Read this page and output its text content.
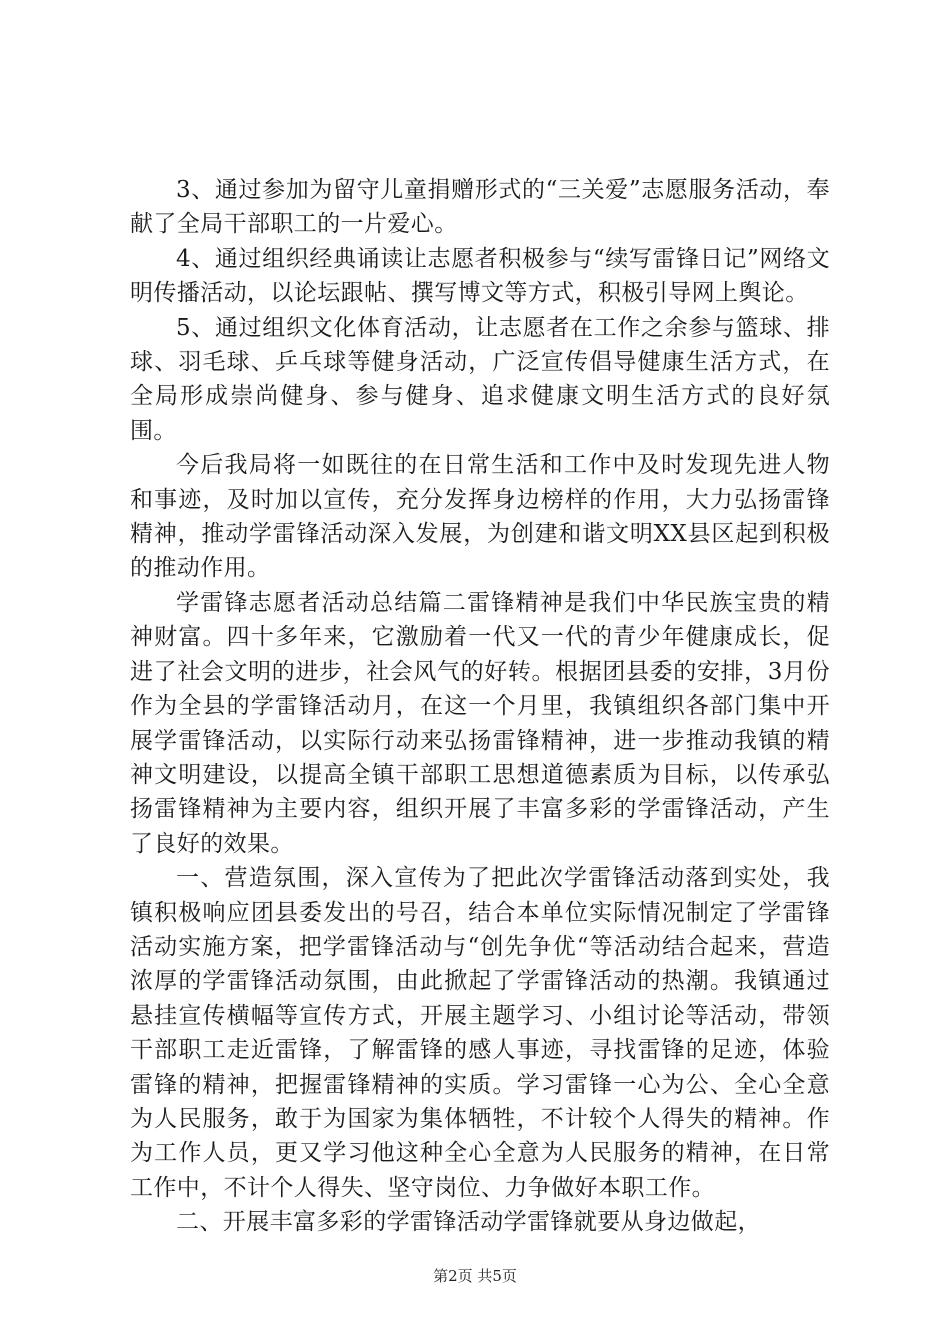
3、通过参加为留守儿童捐赠形式的“三关爱”志愿服务活动，奉献了全局干部职工的一片爱心。

4、通过组织经典诵读让志愿者积极参与“续写雷锋日记”网络文明传播活动，以论坛跟帖、撰写博文等方式，积极引导网上舆论。

5、通过组织文化体育活动，让志愿者在工作之余参与篮球、排球、羽毛球、乒乓球等健身活动，广泛宣传倡导健康生活方式，在全局形成崇尚健身、参与健身、追求健康文明生活方式的良好氛围。

今后我局将一如既往的在日常生活和工作中及时发现先进人物和事迹，及时加以宣传，充分发挥身边榜样的作用，大力弘扬雷锋精神，推动学雷锋活动深入发展，为创建和谐文明XX县区起到积极的推动作用。

学雷锋志愿者活动总结篇二雷锋精神是我们中华民族宝贵的精神财富。四十多年来，它激励着一代又一代的青少年健康成长，促进了社会文明的进步，社会风气的好转。根据团县委的安排，3月份作为全县的学雷锋活动月，在这一个月里，我镇组织各部门集中开展学雷锋活动，以实际行动来弘扬雷锋精神，进一步推动我镇的精神文明建设，以提高全镇干部职工思想道德素质为目标，以传承弘扬雷锋精神为主要内容，组织开展了丰富多彩的学雷锋活动，产生了良好的效果。

一、营造氛围，深入宣传为了把此次学雷锋活动落到实处，我镇积极响应团县委发出的号召，结合本单位实际情况制定了学雷锋活动实施方案，把学雷锋活动与“创先争优“等活动结合起来，营造浓厚的学雷锋活动氛围，由此掀起了学雷锋活动的热潮。我镇通过悬挂宣传横幅等宣传方式，开展主题学习、小组讨论等活动，带领干部职工走近雷锋，了解雷锋的感人事迹，寻找雷锋的足迹，体验雷锋的精神，把握雷锋精神的实质。学习雷锋一心为公、全心全意为人民服务，敢于为国家为集体牺牲，不计较个人得失的精神。作为工作人员，更又学习他这种全心全意为人民服务的精神，在日常工作中，不计个人得失、坚守岗位、力争做好本职工作。

二、开展丰富多彩的学雷锋活动学雷锋就要从身边做起，

第2页 共5页
